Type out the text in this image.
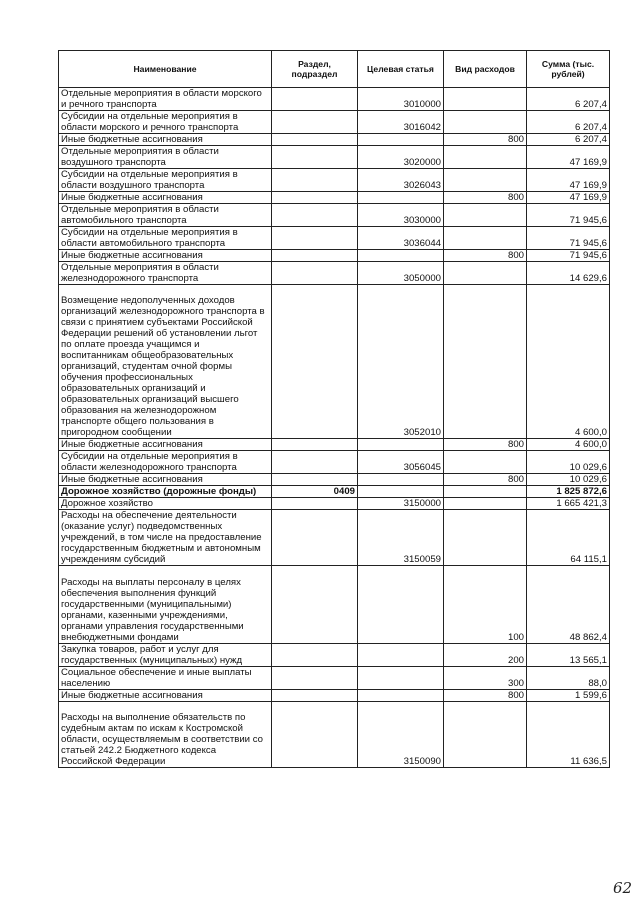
Наименование	Раздел, подраздел	Целевая статья	Вид расходов	Сумма (тыс. рублей)
Отдельные мероприятия в области морского и речного транспорта		3010000		6 207,4
Субсидии на отдельные мероприятия в области морского и речного транспорта		3016042		6 207,4
Иные бюджетные ассигнования			800	6 207,4
Отдельные мероприятия в области воздушного транспорта		3020000		47 169,9
Субсидии на отдельные мероприятия в области воздушного транспорта		3026043		47 169,9
Иные бюджетные ассигнования			800	47 169,9
Отдельные мероприятия в области автомобильного транспорта		3030000		71 945,6
Субсидии на отдельные мероприятия в области автомобильного транспорта		3036044		71 945,6
Иные бюджетные ассигнования			800	71 945,6
Отдельные мероприятия в области железнодорожного транспорта		3050000		14 629,6
Возмещение недополученных доходов организаций железнодорожного транспорта в связи с принятием субъектами Российской Федерации решений об установлении льгот по оплате проезда учащимся и воспитанникам общеобразовательных организаций, студентам очной формы обучения профессиональных образовательных организаций и образовательных организаций высшего образования на железнодорожном транспорте общего пользования в пригородном сообщении		3052010		4 600,0
Иные бюджетные ассигнования			800	4 600,0
Субсидии на отдельные мероприятия в области железнодорожного транспорта		3056045		10 029,6
Иные бюджетные ассигнования			800	10 029,6
Дорожное хозяйство (дорожные фонды)	0409			1 825 872,6
Дорожное хозяйство		3150000		1 665 421,3
Расходы на обеспечение деятельности (оказание услуг) подведомственных учреждений, в том числе на предоставление государственным бюджетным и автономным учреждениям субсидий		3150059		64 115,1
Расходы на выплаты персоналу в целях обеспечения выполнения функций государственными (муниципальными) органами, казенными учреждениями, органами управления государственными внебюджетными фондами			100	48 862,4
Закупка товаров, работ и услуг для государственных (муниципальных) нужд			200	13 565,1
Социальное обеспечение и иные выплаты населению			300	88,0
Иные бюджетные ассигнования			800	1 599,6
Расходы на выполнение обязательств по судебным актам по искам к Костромской области, осуществляемым в соответствии со статьей 242.2 Бюджетного кодекса Российской Федерации		3150090		11 636,5
62
